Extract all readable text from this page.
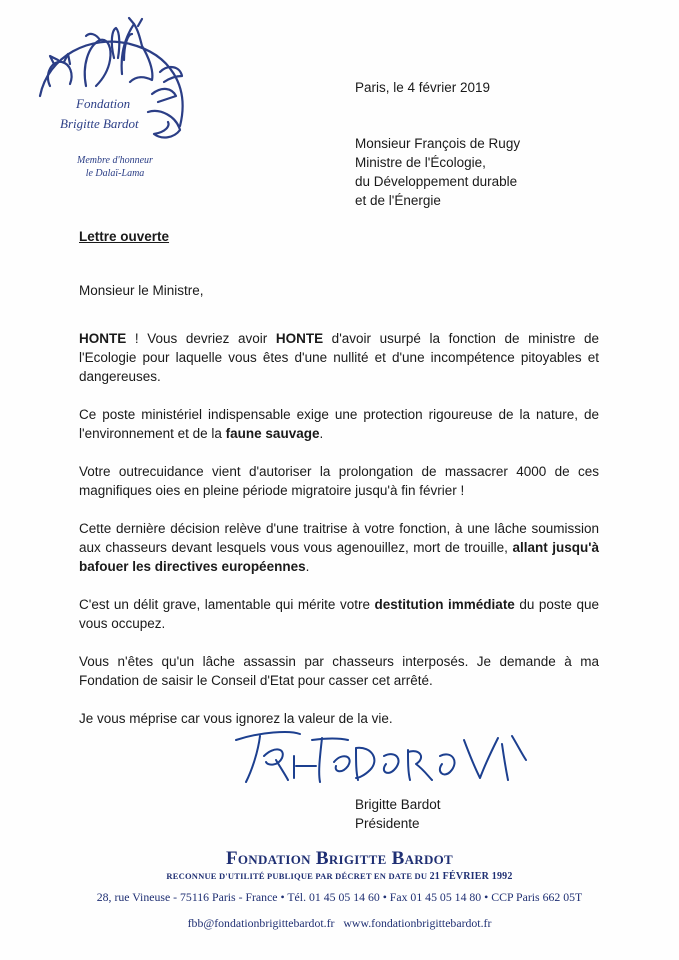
Fondation
Brigitte Bardot
Membre d'honneur
le Dalaï-Lama
Paris, le 4 février 2019
Monsieur François de Rugy
Ministre de l'Écologie,
du Développement durable
et de l'Énergie
Lettre ouverte
Monsieur le Ministre,

HONTE ! Vous devriez avoir HONTE d'avoir usurpé la fonction de ministre de l'Ecologie pour laquelle vous êtes d'une nullité et d'une incompétence pitoyables et dangereuses.

Ce poste ministériel indispensable exige une protection rigoureuse de la nature, de l'environnement et de la faune sauvage.

Votre outrecuidance vient d'autoriser la prolongation de massacrer 4000 de ces magnifiques oies en pleine période migratoire jusqu'à fin février !

Cette dernière décision relève d'une traitrise à votre fonction, à une lâche soumission aux chasseurs devant lesquels vous vous agenouillez, mort de trouille, allant jusqu'à bafouer les directives européennes.

C'est un délit grave, lamentable qui mérite votre destitution immédiate du poste que vous occupez.

Vous n'êtes qu'un lâche assassin par chasseurs interposés. Je demande à ma Fondation de saisir le Conseil d'Etat pour casser cet arrêté.

Je vous méprise car vous ignorez la valeur de la vie.

Brigitte Bardot
Présidente
Fondation Brigitte Bardot
RECONNUE D'UTILITÉ PUBLIQUE PAR DÉCRET EN DATE DU 21 FÉVRIER 1992
28, rue Vineuse - 75116 Paris - France • Tél. 01 45 05 14 60 • Fax 01 45 05 14 80 • CCP Paris 662 05T
fbb@fondationbrigittebardot.fr www.fondationbrigittebardot.fr
